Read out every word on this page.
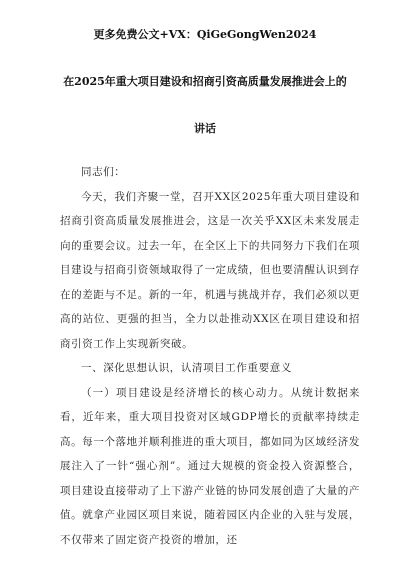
更多免费公文+VX：QiGeGongWen2024
在2025年重大项目建设和招商引资高质量发展推进会上的
讲话

同志们：

今天，我们齐聚一堂，召开XX区2025年重大项目建设和招商引资高质量发展推进会，这是一次关乎XX区未来发展走向的重要会议。过去一年，在全区上下的共同努力下我们在项目建设与招商引资领域取得了一定成绩，但也要清醒认识到存在的差距与不足。新的一年，机遇与挑战并存，我们必须以更高的站位、更强的担当，全力以赴推动XX区在项目建设和招商引资工作上实现新突破。

一、深化思想认识，认清项目工作重要意义

（一）项目建设是经济增长的核心动力。从统计数据来看，近年来，重大项目投资对区域GDP增长的贡献率持续走高。每一个落地并顺利推进的重大项目，都如同为区域经济发展注入了一针“强心剂”。通过大规模的资金投入资源整合，项目建设直接带动了上下游产业链的协同发展创造了大量的产值。就拿产业园区项目来说，随着园区内企业的入驻与发展，不仅带来了固定资产投资的增加，还
